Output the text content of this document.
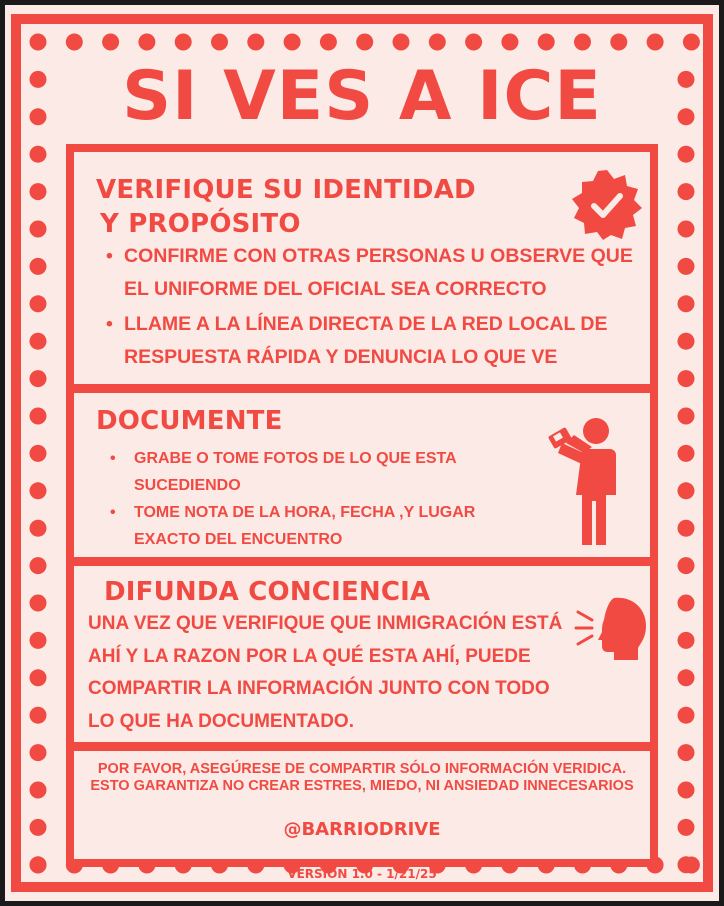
SI VES A ICE
VERIFIQUE SU IDENTIDAD
Y PROPÓSITO
• CONFIRME CON OTRAS PERSONAS U OBSERVE QUE EL UNIFORME DEL OFICIAL SEA CORRECTO
• LLAME A LA LÍNEA DIRECTA DE LA RED LOCAL DE RESPUESTA RÁPIDA Y DENUNCIA LO QUE VE
DOCUMENTE
• GRABE O TOME FOTOS DE LO QUE ESTA SUCEDIENDO
• TOME NOTA DE LA HORA, FECHA ,Y LUGAR EXACTO DEL ENCUENTRO
DIFUNDA CONCIENCIA
UNA VEZ QUE VERIFIQUE QUE INMIGRACIÓN ESTÁ AHÍ Y LA RAZON POR LA QUÉ ESTA AHÍ, PUEDE COMPARTIR LA INFORMACIÓN JUNTO CON TODO LO QUE HA DOCUMENTADO.
POR FAVOR, ASEGÚRESE DE COMPARTIR SÓLO INFORMACIÓN VERIDICA. ESTO GARANTIZA NO CREAR ESTRES, MIEDO, NI ANSIEDAD INNECESARIOS
@BARRIODRIVE
VERSIÓN 1.0 - 1/21/25
